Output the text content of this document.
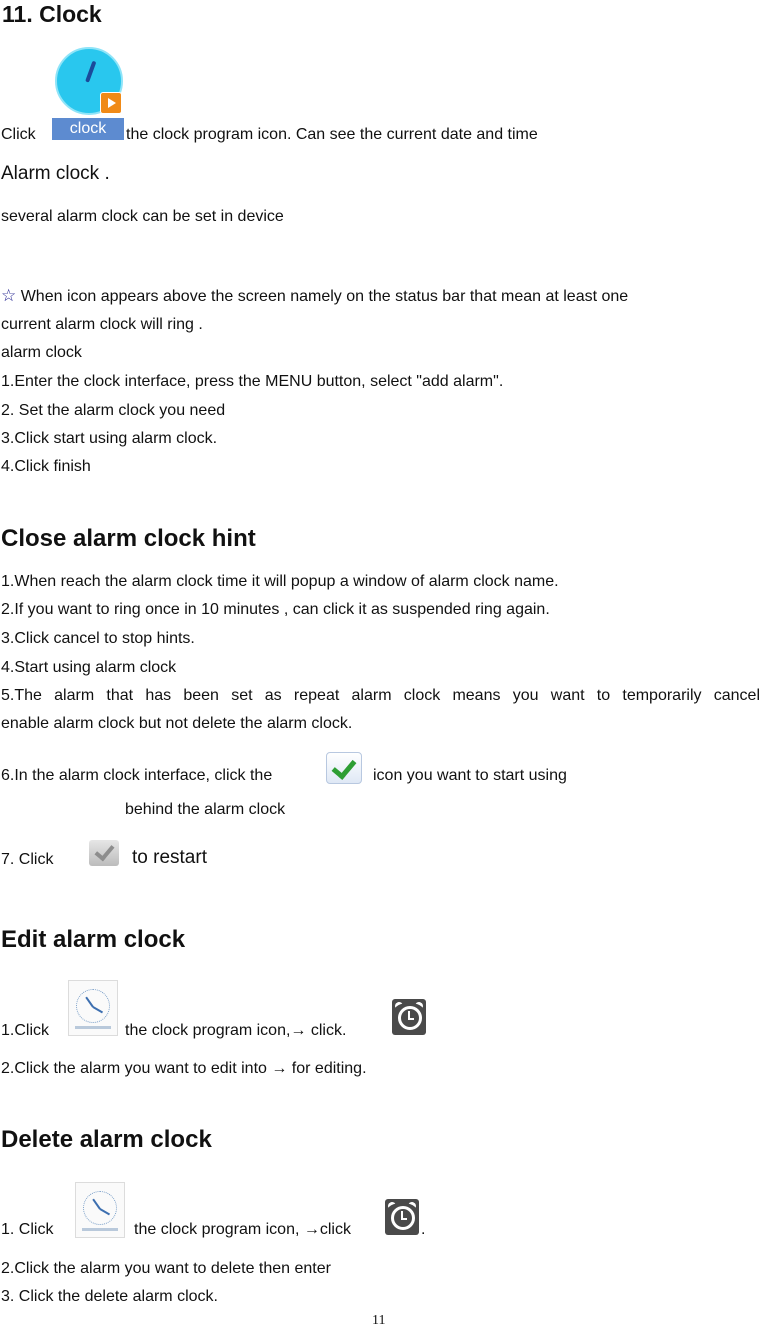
11. Clock
Click	clock	the clock program icon. Can see the current date and time
Alarm clock .
several alarm clock can be set in device
☆ When icon appears above the screen namely on the status bar that mean at least one
current alarm clock will ring .
alarm clock
1.Enter the clock interface, press the MENU button, select "add alarm".
2. Set the alarm clock you need
3.Click start using alarm clock.
4.Click finish
Close alarm clock hint
1.When reach the alarm clock time it will popup a window of alarm clock name.
2.If you want to ring once in 10 minutes , can click it as suspended ring again.
3.Click cancel to stop hints.
4.Start using alarm clock
5.The alarm that has been set as repeat alarm clock means you want to temporarily cancel
enable alarm clock but not delete the alarm clock.
6.In the alarm clock interface, click the	icon you want to start using
behind the alarm clock
7. Click	to restart
Edit alarm clock
1.Click	the clock program icon,→ click.
2.Click the alarm you want to edit into → for editing.
Delete alarm clock
1. Click	the clock program icon, →click	.
2.Click the alarm you want to delete then enter
3. Click the delete alarm clock.
11
